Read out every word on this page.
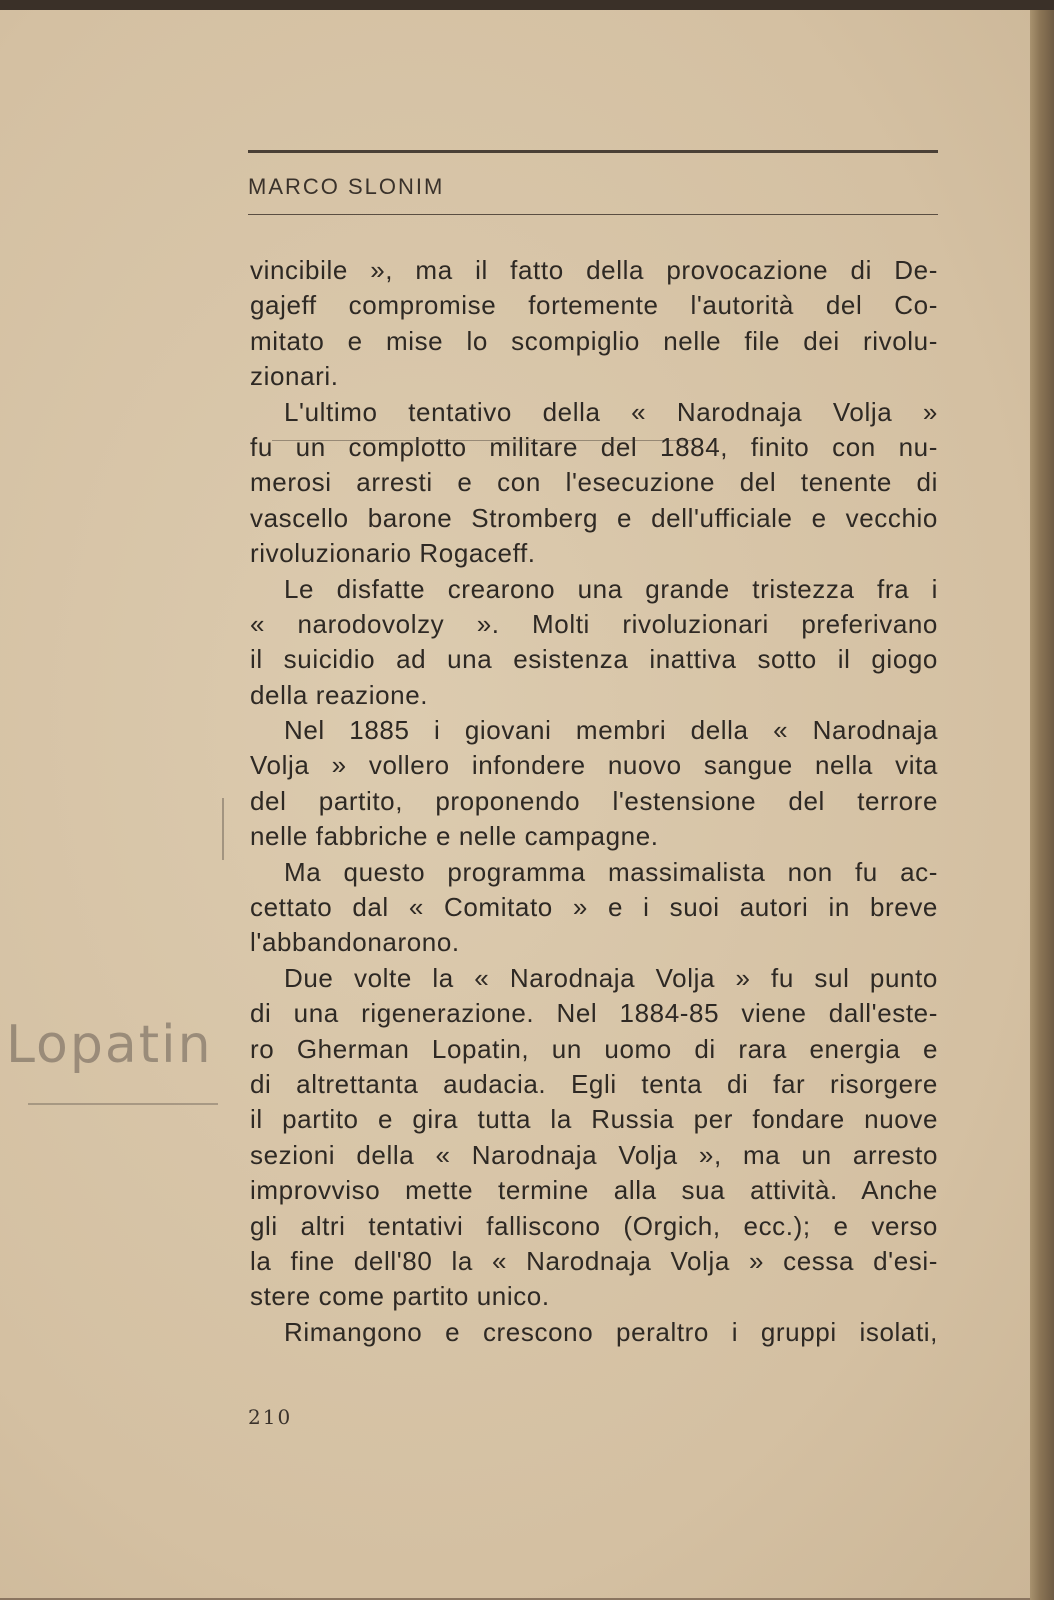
MARCO SLONIM
vincibile », ma il fatto della provocazione di De-
gajeff compromise fortemente l'autorità del Co-
mitato e mise lo scompiglio nelle file dei rivolu-
zionari.
L'ultimo tentativo della « Narodnaja Volja »
fu un complotto militare del 1884, finito con nu-
merosi arresti e con l'esecuzione del tenente di
vascello barone Stromberg e dell'ufficiale e vecchio
rivoluzionario Rogaceff.
Le disfatte crearono una grande tristezza fra i
« narodovolzy ». Molti rivoluzionari preferivano
il suicidio ad una esistenza inattiva sotto il giogo
della reazione.
Nel 1885 i giovani membri della « Narodnaja
Volja » vollero infondere nuovo sangue nella vita
del partito, proponendo l'estensione del terrore
nelle fabbriche e nelle campagne.
Ma questo programma massimalista non fu ac-
cettato dal « Comitato » e i suoi autori in breve
l'abbandonarono.
Due volte la « Narodnaja Volja » fu sul punto
di una rigenerazione. Nel 1884-85 viene dall'este-
ro Gherman Lopatin, un uomo di rara energia e
di altrettanta audacia. Egli tenta di far risorgere
il partito e gira tutta la Russia per fondare nuove
sezioni della « Narodnaja Volja », ma un arresto
improvviso mette termine alla sua attività. Anche
gli altri tentativi falliscono (Orgich, ecc.); e verso
la fine dell'80 la « Narodnaja Volja » cessa d'esi-
stere come partito unico.
Rimangono e crescono peraltro i gruppi isolati,
Lopatin
210
